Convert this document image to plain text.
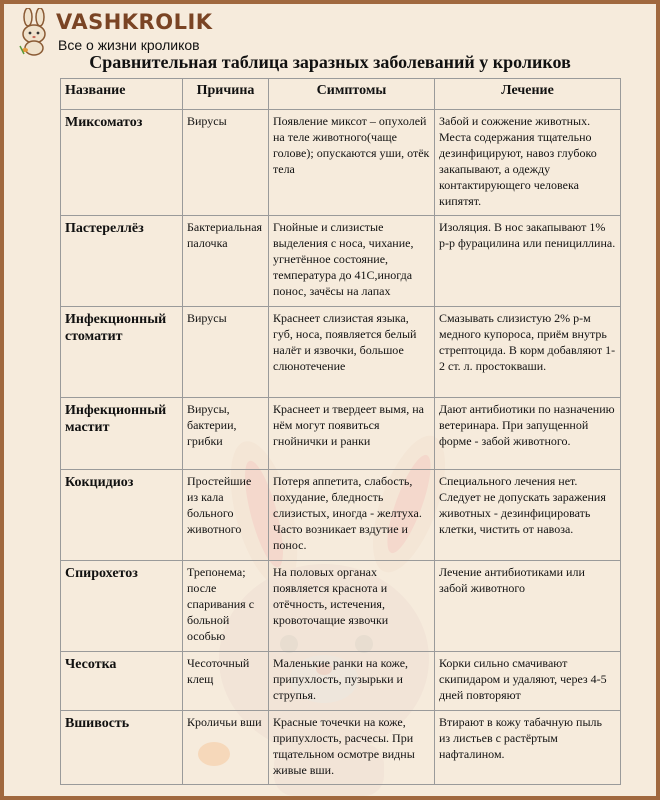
VASHKROLIK
Все о жизни кроликов
Сравнительная таблица заразных заболеваний у кроликов
Название	Причина	Симптомы	Лечение
Миксоматоз	Вирусы	Появление миксот – опухолей на теле животного(чаще голове); опускаются уши, отёк тела	Забой и сожжение животных. Места содержания тщательно дезинфицируют, навоз глубоко закапывают, а одежду контактирующего человека кипятят.
Пастереллёз	Бактериальная палочка	Гнойные и слизистые выделения с носа, чихание, угнетённое состояние, температура до 41С,иногда понос, зачёсы на лапах	Изоляция. В нос закапывают 1% р-р фурацилина или пенициллина.
Инфекционный стоматит	Вирусы	Краснеет слизистая языка, губ, носа, появляется белый налёт и язвочки, большое слюнотечение	Смазывать слизистую 2% р-м медного купороса, приём внутрь стрептоцида. В корм добавляют 1-2 ст. л. простокваши.
Инфекционный мастит	Вирусы, бактерии, грибки	Краснеет и твердеет вымя, на нём могут появиться гнойнички и ранки	Дают антибиотики по назначению ветеринара. При запущенной форме - забой животного.
Кокцидиоз	Простейшие из кала больного животного	Потеря аппетита, слабость, похудание, бледность слизистых, иногда - желтуха. Часто возникает вздутие и понос.	Специального лечения нет. Следует не допускать заражения животных - дезинфицировать клетки, чистить от навоза.
Спирохетоз	Трепонема; после спаривания с больной особью	На половых органах появляется краснота и отёчность, истечения, кровоточащие язвочки	Лечение антибиотиками или забой животного
Чесотка	Чесоточный клещ	Маленькие ранки на коже, припухлость, пузырьки и струпья.	Корки сильно смачивают скипидаром и удаляют, через 4-5 дней повторяют
Вшивость	Кроличьи вши	Красные точечки на коже, припухлость, расчесы. При тщательном осмотре видны живые вши.	Втирают в кожу табачную пыль из листьев с растёртым нафталином.
